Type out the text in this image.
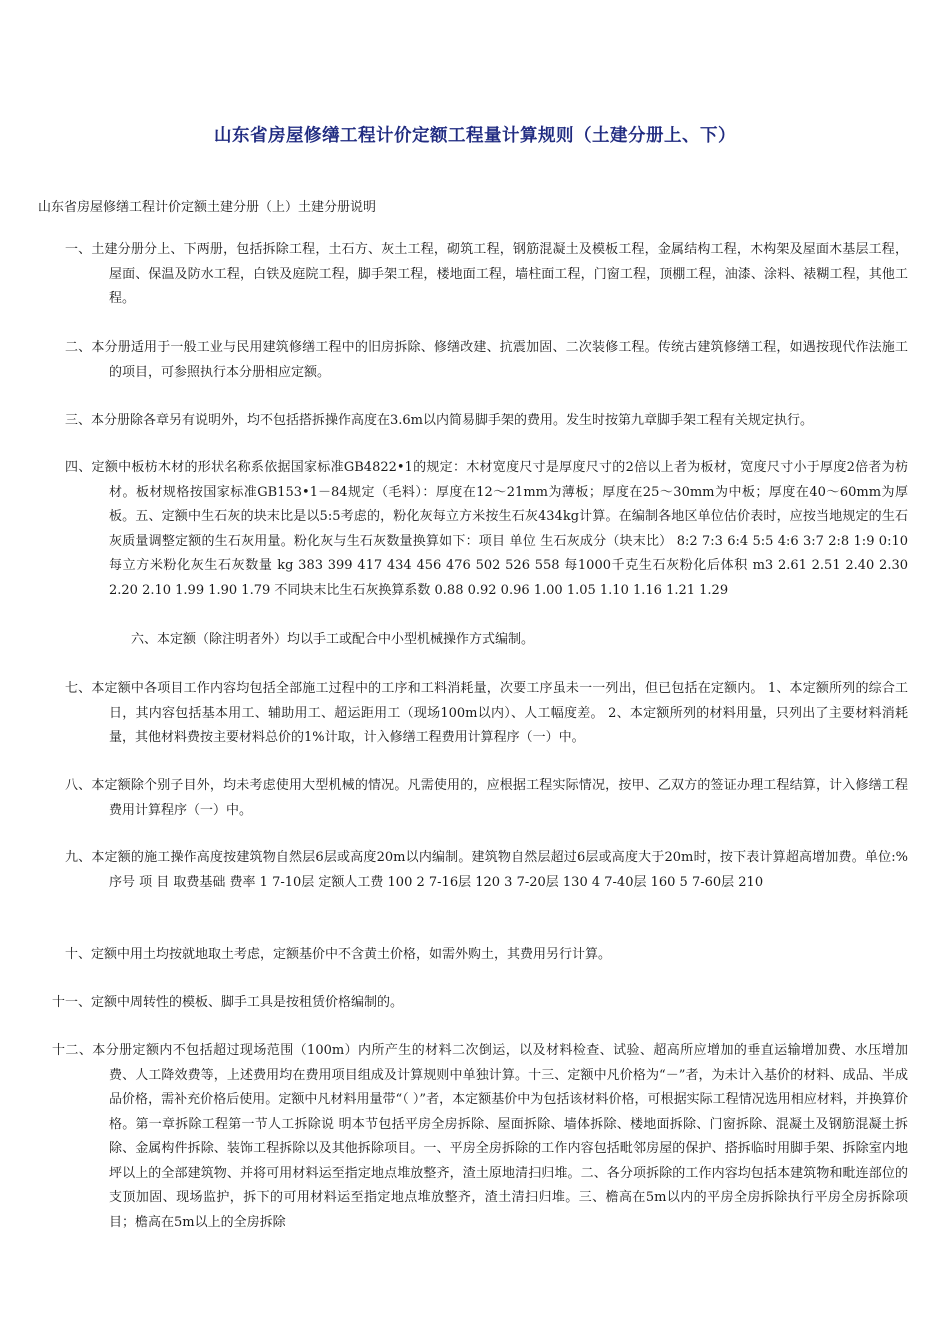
山东省房屋修缮工程计价定额工程量计算规则（土建分册上、下）
山东省房屋修缮工程计价定额土建分册（上）土建分册说明
一、土建分册分上、下两册，包括拆除工程，土石方、灰土工程，砌筑工程，钢筋混凝土及模板工程，金属结构工程，木构架及屋面木基层工程，屋面、保温及防水工程，白铁及庭院工程，脚手架工程，楼地面工程，墙柱面工程，门窗工程，顶棚工程，油漆、涂料、裱糊工程，其他工程。
二、本分册适用于一般工业与民用建筑修缮工程中的旧房拆除、修缮改建、抗震加固、二次装修工程。传统古建筑修缮工程，如遇按现代作法施工的项目，可参照执行本分册相应定额。
三、本分册除各章另有说明外，均不包括搭拆操作高度在3.6m以内简易脚手架的费用。发生时按第九章脚手架工程有关规定执行。
四、定额中板枋木材的形状名称系依据国家标准GB4822•1的规定：木材宽度尺寸是厚度尺寸的2倍以上者为板材，宽度尺寸小于厚度2倍者为枋材。板材规格按国家标准GB153•1－84规定（毛料）：厚度在12～21mm为薄板；厚度在25～30mm为中板；厚度在40～60mm为厚板。五、定额中生石灰的块末比是以5:5考虑的，粉化灰每立方米按生石灰434kg计算。在编制各地区单位估价表时，应按当地规定的生石灰质量调整定额的生石灰用量。粉化灰与生石灰数量换算如下：项目 单位 生石灰成分（块末比） 8:2 7:3 6:4 5:5 4:6 3:7 2:8 1:9 0:10 每立方米粉化灰生石灰数量 kg 383 399 417 434 456 476 502 526 558 每1000千克生石灰粉化后体积 m3 2.61 2.51 2.40 2.30 2.20 2.10 1.99 1.90 1.79 不同块末比生石灰换算系数 0.88 0.92 0.96 1.00 1.05 1.10 1.16 1.21 1.29
六、本定额（除注明者外）均以手工或配合中小型机械操作方式编制。
七、本定额中各项目工作内容均包括全部施工过程中的工序和工料消耗量，次要工序虽未一一列出，但已包括在定额内。 1、本定额所列的综合工日，其内容包括基本用工、辅助用工、超运距用工（现场100m以内）、人工幅度差。 2、本定额所列的材料用量，只列出了主要材料消耗量，其他材料费按主要材料总价的1%计取，计入修缮工程费用计算程序（一）中。
八、本定额除个别子目外，均未考虑使用大型机械的情况。凡需使用的，应根据工程实际情况，按甲、乙双方的签证办理工程结算，计入修缮工程费用计算程序（一）中。
九、本定额的施工操作高度按建筑物自然层6层或高度20m以内编制。建筑物自然层超过6层或高度大于20m时，按下表计算超高增加费。单位:% 序号 项 目 取费基础 费率 1 7-10层 定额人工费 100 2 7-16层 120 3 7-20层 130 4 7-40层 160 5 7-60层 210
十、定额中用土均按就地取土考虑，定额基价中不含黄土价格，如需外购土，其费用另行计算。
十一、定额中周转性的模板、脚手工具是按租赁价格编制的。
十二、本分册定额内不包括超过现场范围（100m）内所产生的材料二次倒运，以及材料检查、试验、超高所应增加的垂直运输增加费、水压增加费、人工降效费等，上述费用均在费用项目组成及计算规则中单独计算。十三、定额中凡价格为“－”者，为未计入基价的材料、成品、半成品价格，需补充价格后使用。定额中凡材料用量带“（ ）”者，本定额基价中为包括该材料价格，可根据实际工程情况选用相应材料，并换算价格。第一章拆除工程第一节人工拆除说 明本节包括平房全房拆除、屋面拆除、墙体拆除、楼地面拆除、门窗拆除、混凝土及钢筋混凝土拆除、金属构件拆除、装饰工程拆除以及其他拆除项目。一、平房全房拆除的工作内容包括毗邻房屋的保护、搭拆临时用脚手架、拆除室内地坪以上的全部建筑物、并将可用材料运至指定地点堆放整齐，渣土原地清扫归堆。二、各分项拆除的工作内容均包括本建筑物和毗连部位的支顶加固、现场监护，拆下的可用材料运至指定地点堆放整齐，渣土清扫归堆。三、檐高在5m以内的平房全房拆除执行平房全房拆除项目；檐高在5m以上的全房拆除
